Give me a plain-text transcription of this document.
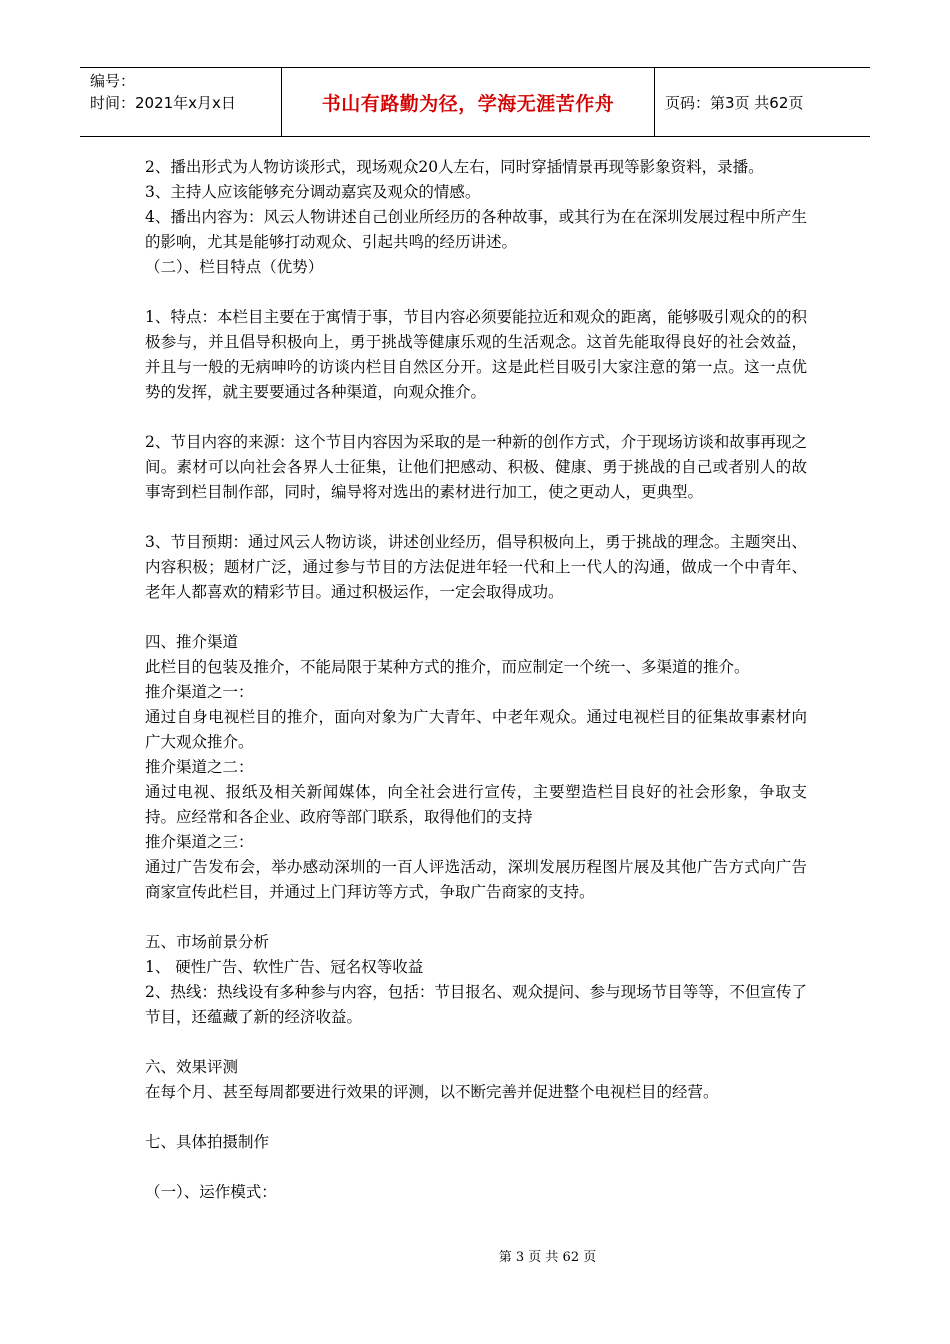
编号：
时间：2021年x月x日	书山有路勤为径，学海无涯苦作舟	页码：第3页 共62页

2、播出形式为人物访谈形式，现场观众20人左右，同时穿插情景再现等影象资料，录播。

3、主持人应该能够充分调动嘉宾及观众的情感。

4、播出内容为：风云人物讲述自己创业所经历的各种故事，或其行为在在深圳发展过程中所产生的影响，尤其是能够打动观众、引起共鸣的经历讲述。

（二）、栏目特点（优势）

1、特点：本栏目主要在于寓情于事，节目内容必须要能拉近和观众的距离，能够吸引观众的的积极参与，并且倡导积极向上，勇于挑战等健康乐观的生活观念。这首先能取得良好的社会效益，并且与一般的无病呻吟的访谈内栏目自然区分开。这是此栏目吸引大家注意的第一点。这一点优势的发挥，就主要要通过各种渠道，向观众推介。

2、节目内容的来源：这个节目内容因为采取的是一种新的创作方式，介于现场访谈和故事再现之间。素材可以向社会各界人士征集，让他们把感动、积极、健康、勇于挑战的自己或者别人的故事寄到栏目制作部，同时，编导将对选出的素材进行加工，使之更动人，更典型。

3、节目预期：通过风云人物访谈，讲述创业经历，倡导积极向上，勇于挑战的理念。主题突出、内容积极；题材广泛，通过参与节目的方法促进年轻一代和上一代人的沟通，做成一个中青年、老年人都喜欢的精彩节目。通过积极运作，一定会取得成功。

四、推介渠道

此栏目的包装及推介，不能局限于某种方式的推介，而应制定一个统一、多渠道的推介。

推介渠道之一：

通过自身电视栏目的推介，面向对象为广大青年、中老年观众。通过电视栏目的征集故事素材向广大观众推介。

推介渠道之二：

通过电视、报纸及相关新闻媒体，向全社会进行宣传，主要塑造栏目良好的社会形象，争取支持。应经常和各企业、政府等部门联系，取得他们的支持

推介渠道之三：

通过广告发布会，举办感动深圳的一百人评选活动，深圳发展历程图片展及其他广告方式向广告商家宣传此栏目，并通过上门拜访等方式，争取广告商家的支持。

五、市场前景分析

1、 硬性广告、软性广告、冠名权等收益

2、热线：热线设有多种参与内容，包括：节目报名、观众提问、参与现场节目等等，不但宣传了节目，还蕴藏了新的经济收益。

六、效果评测

在每个月、甚至每周都要进行效果的评测，以不断完善并促进整个电视栏目的经营。

七、具体拍摄制作

（一）、运作模式：

第 3 页 共 62 页
